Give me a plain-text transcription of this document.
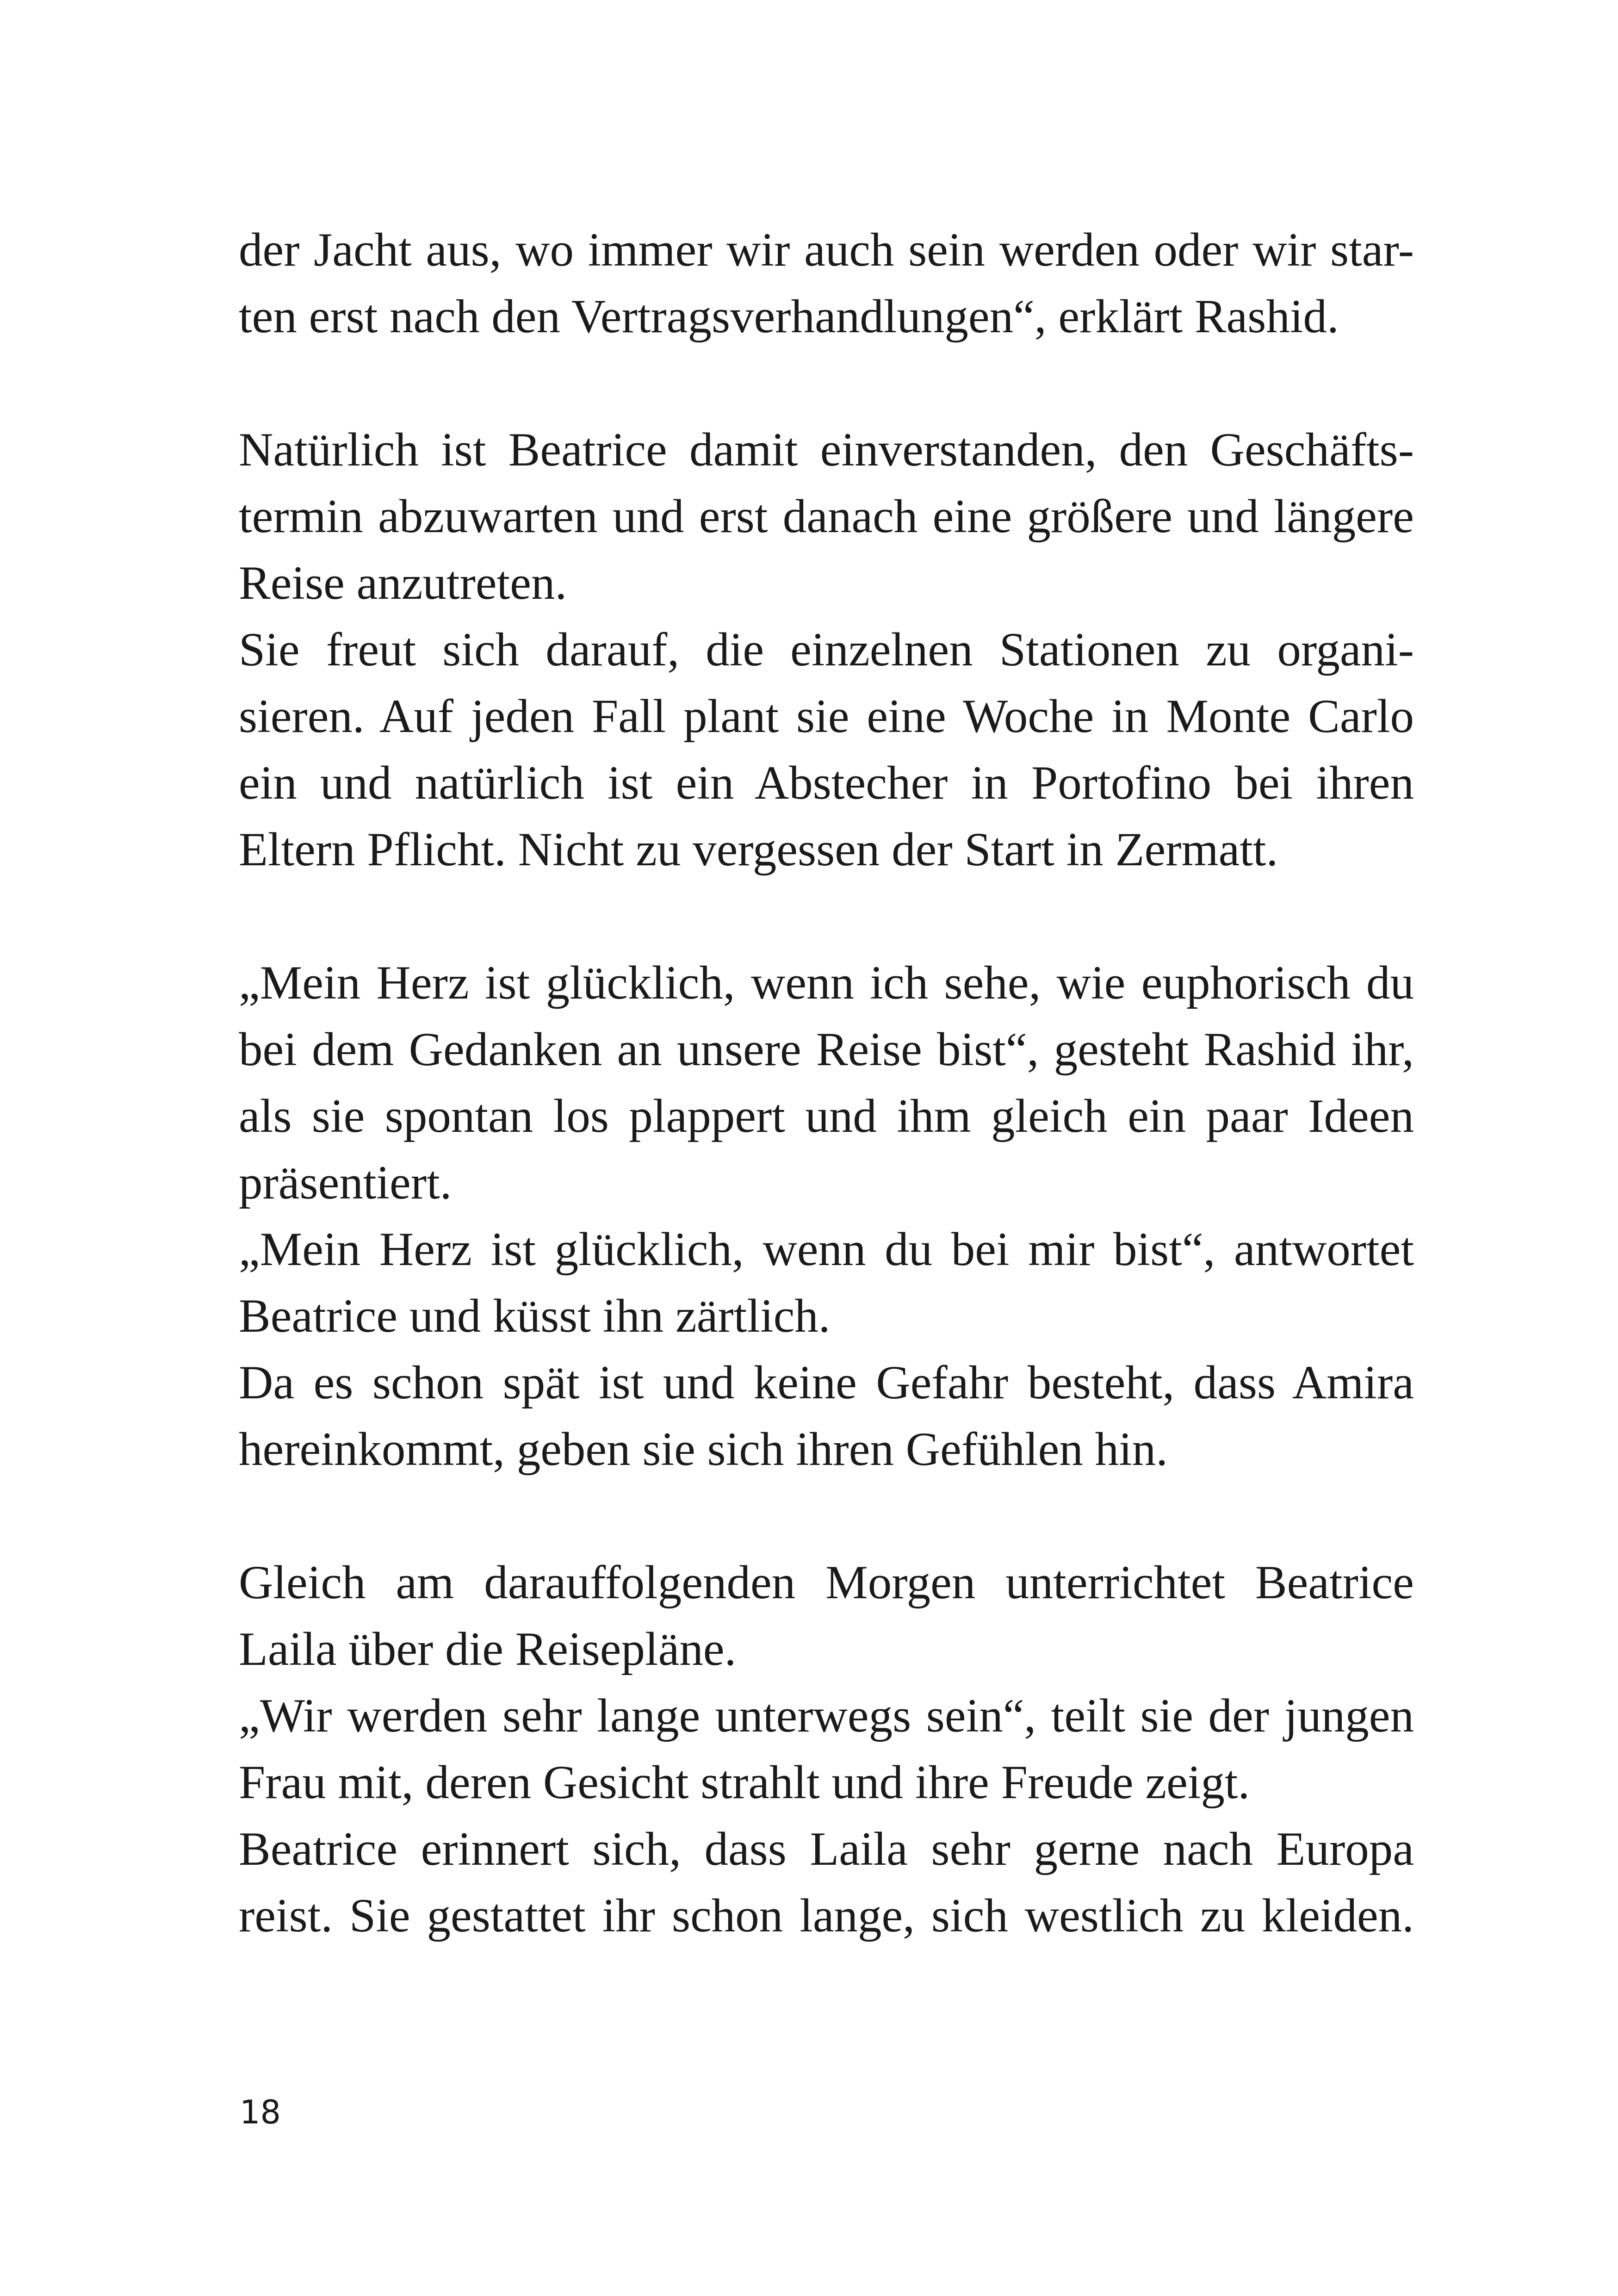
der Jacht aus, wo immer wir auch sein werden oder wir star-
ten erst nach den Vertragsverhandlungen“, erklärt Rashid.
Natürlich ist Beatrice damit einverstanden, den Geschäfts-
termin abzuwarten und erst danach eine größere und längere
Reise anzutreten.
Sie freut sich darauf, die einzelnen Stationen zu organi-
sieren. Auf jeden Fall plant sie eine Woche in Monte Carlo
ein und natürlich ist ein Abstecher in Portofino bei ihren
Eltern Pflicht. Nicht zu vergessen der Start in Zermatt.
„Mein Herz ist glücklich, wenn ich sehe, wie euphorisch du
bei dem Gedanken an unsere Reise bist“, gesteht Rashid ihr,
als sie spontan los plappert und ihm gleich ein paar Ideen
präsentiert.
„Mein Herz ist glücklich, wenn du bei mir bist“, antwortet
Beatrice und küsst ihn zärtlich.
Da es schon spät ist und keine Gefahr besteht, dass Amira
hereinkommt, geben sie sich ihren Gefühlen hin.
Gleich am darauffolgenden Morgen unterrichtet Beatrice
Laila über die Reisepläne.
„Wir werden sehr lange unterwegs sein“, teilt sie der jungen
Frau mit, deren Gesicht strahlt und ihre Freude zeigt.
Beatrice erinnert sich, dass Laila sehr gerne nach Europa
reist. Sie gestattet ihr schon lange, sich westlich zu kleiden.
18
